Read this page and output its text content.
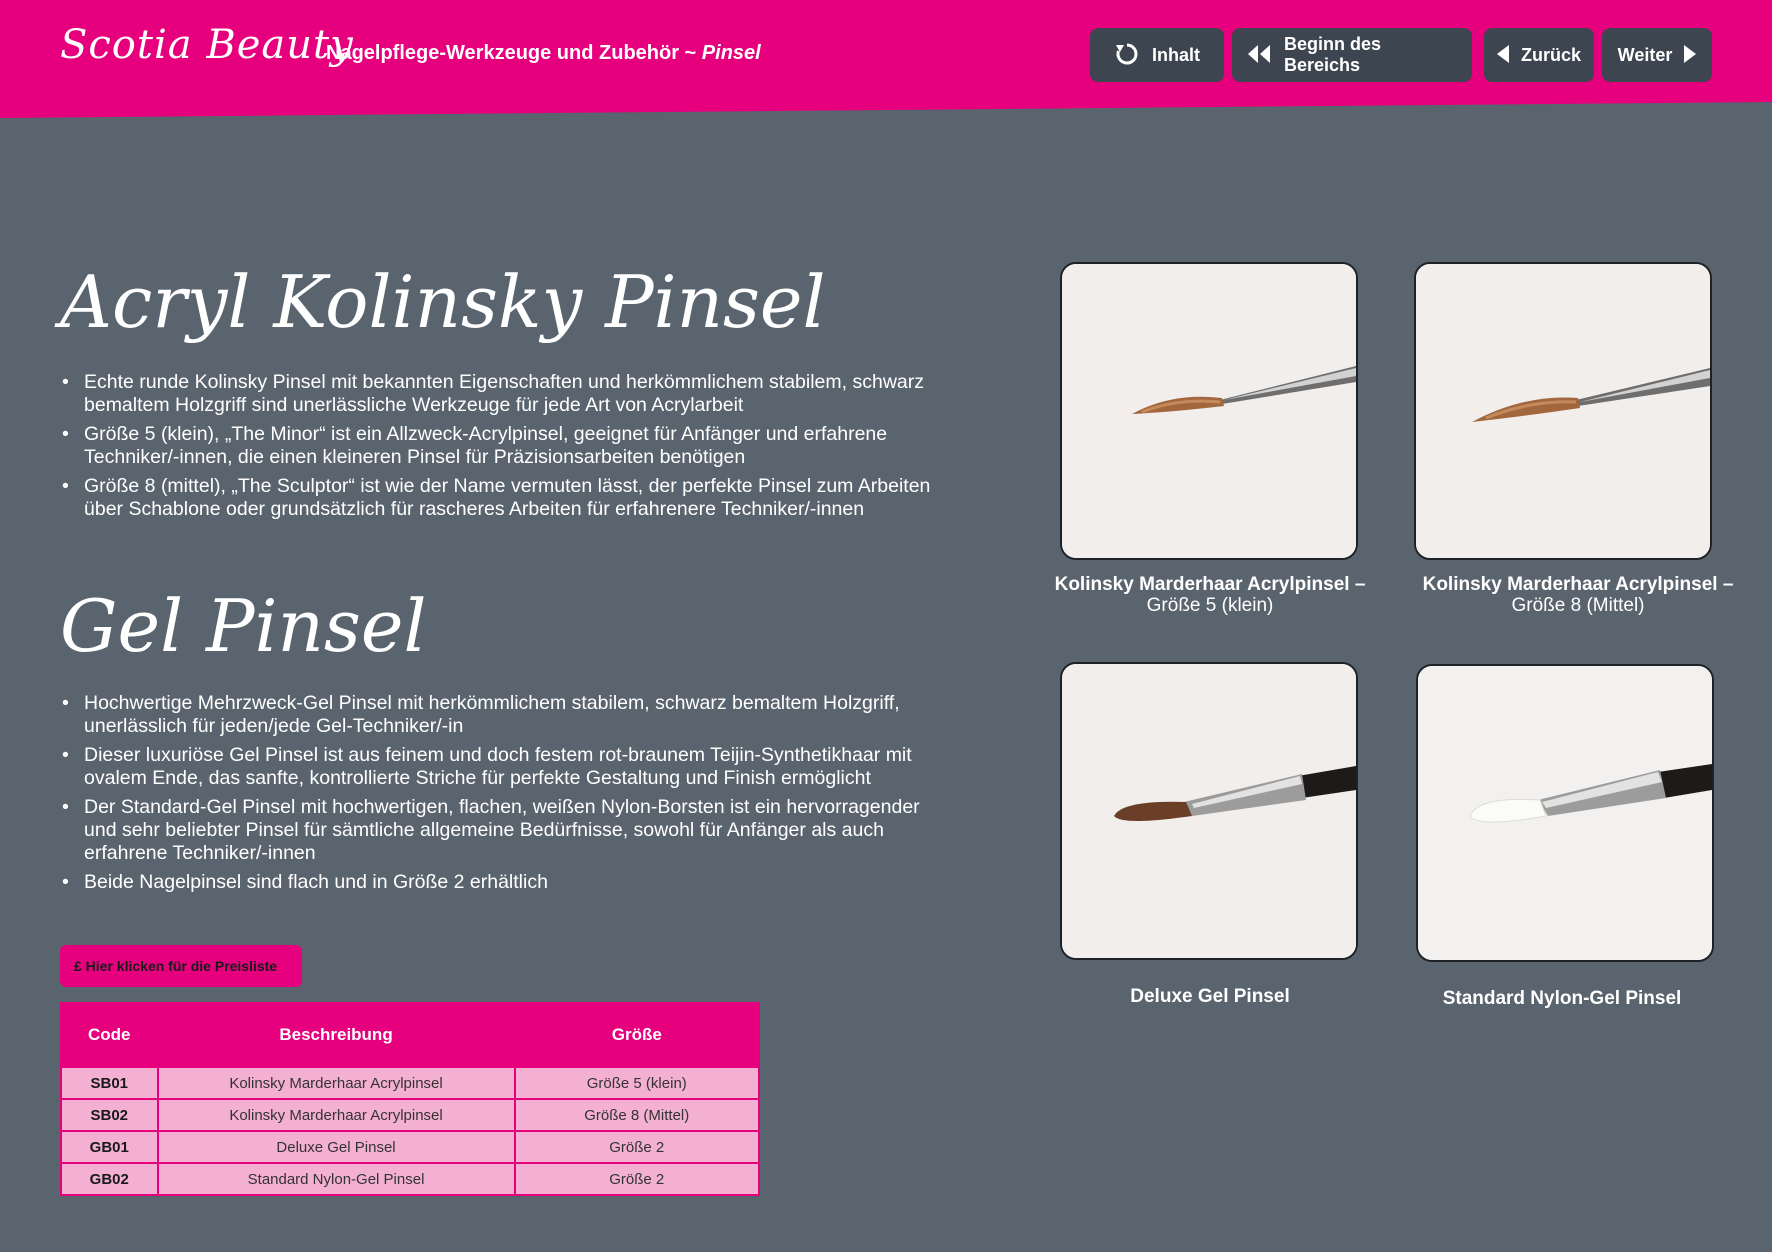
Scotia Beauty
Nagelpflege-Werkzeuge und Zubehör ~ Pinsel	Inhalt
Beginn des Bereichs
Zurück Weiter
Acryl Kolinsky Pinsel
• Echte runde Kolinsky Pinsel mit bekannten Eigenschaften und herkömmlichem stabilem, schwarz bemaltem Holzgriff sind unerlässliche Werkzeuge für jede Art von Acrylarbeit
• Größe 5 (klein), „The Minor“ ist ein Allzweck-Acrylpinsel, geeignet für Anfänger und erfahrene Techniker/-innen, die einen kleineren Pinsel für Präzisionsarbeiten benötigen
• Größe 8 (mittel), „The Sculptor“ ist wie der Name vermuten lässt, der perfekte Pinsel zum Arbeiten über Schablone oder grundsätzlich für rascheres Arbeiten für erfahrenere Techniker/-innen
Gel Pinsel
• Hochwertige Mehrzweck-Gel Pinsel mit herkömmlichem stabilem, schwarz bemaltem Holzgriff, unerlässlich für jeden/jede Gel-Techniker/-in
• Dieser luxuriöse Gel Pinsel ist aus feinem und doch festem rot-braunem Teijin-Synthetikhaar mit ovalem Ende, das sanfte, kontrollierte Striche für perfekte Gestaltung und Finish ermöglicht
• Der Standard-Gel Pinsel mit hochwertigen, flachen, weißen Nylon-Borsten ist ein hervorragender und sehr beliebter Pinsel für sämtliche allgemeine Bedürfnisse, sowohl für Anfänger als auch erfahrene Techniker/-innen
• Beide Nagelpinsel sind flach und in Größe 2 erhältlich
£ Hier klicken für die Preisliste
Code	Beschreibung	Größe
SB01	Kolinsky Marderhaar Acrylpinsel	Größe 5 (klein)
SB02	Kolinsky Marderhaar Acrylpinsel	Größe 8 (Mittel)
GB01	Deluxe Gel Pinsel	Größe 2
GB02	Standard Nylon-Gel Pinsel	Größe 2
Kolinsky Marderhaar Acrylpinsel –
Größe 5 (klein)
Kolinsky Marderhaar Acrylpinsel –
Größe 8 (Mittel)
Deluxe Gel Pinsel	Standard Nylon-Gel Pinsel
